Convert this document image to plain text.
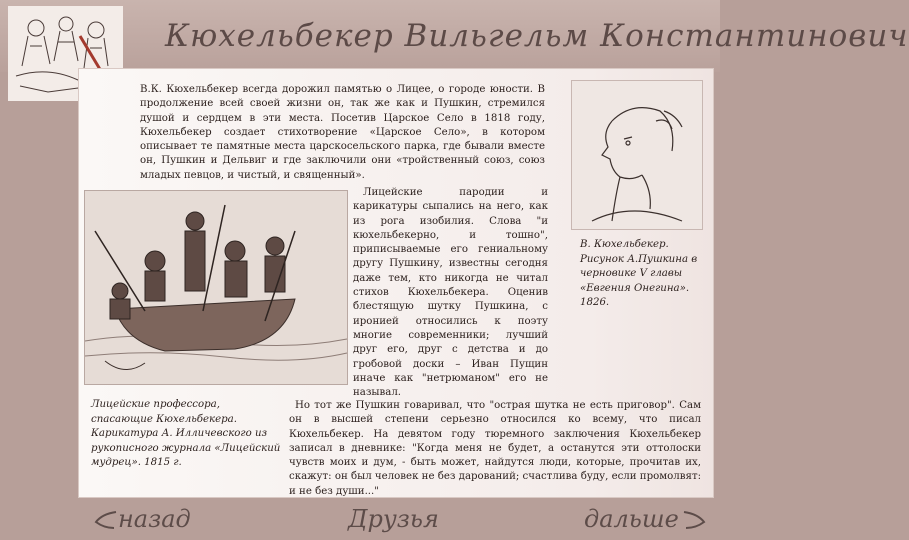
Кюхельбекер Вильгельм Константинович

В.К. Кюхельбекер всегда дорожил памятью о Лицее, о городе юности. В продолжение всей своей жизни он, так же как и Пушкин, стремился душой и сердцем в эти места. Посетив Царское Село в 1818 году, Кюхельбекер создает стихотворение «Царское Село», в котором описывает те памятные места царскосельского парка, где бывали вместе он, Пушкин и Дельвиг и где заключили они «тройственный союз, союз младых певцов, и чистый, и священный».

В. Кюхельбекер. Рисунок А.Пушкина в черновике V главы «Евгения Онегина». 1826.

Лицейские пародии и карикатуры сыпались на него, как из рога изобилия. Слова "и кюхельбекерно, и тошно", приписываемые его гениальному другу Пушкину, известны сегодня даже тем, кто никогда не читал стихов Кюхельбекера. Оценив блестящую шутку Пушкина, с иронией относились к поэту многие современники; лучший друг его, друг с детства и до гробовой доски – Иван Пущин иначе как "нетрюманом" его не называл.

Лицейские профессора, спасающие Кюхельбекера. Карикатура А. Илличевского из рукописного журнала «Лицейский мудрец». 1815 г.

Но тот же Пушкин говаривал, что "острая шутка не есть приговор". Сам он в высшей степени серьезно относился ко всему, что писал Кюхельбекер. На девятом году тюремного заключения Кюхельбекер записал в дневнике: "Когда меня не будет, а останутся эти оттолоски чувств моих и дум, - быть может, найдутся люди, которые, прочитав их, скажут: он был человек не без дарований; счастлива буду, если промолвят: и не без души..."

назад	Друзья	дальше
